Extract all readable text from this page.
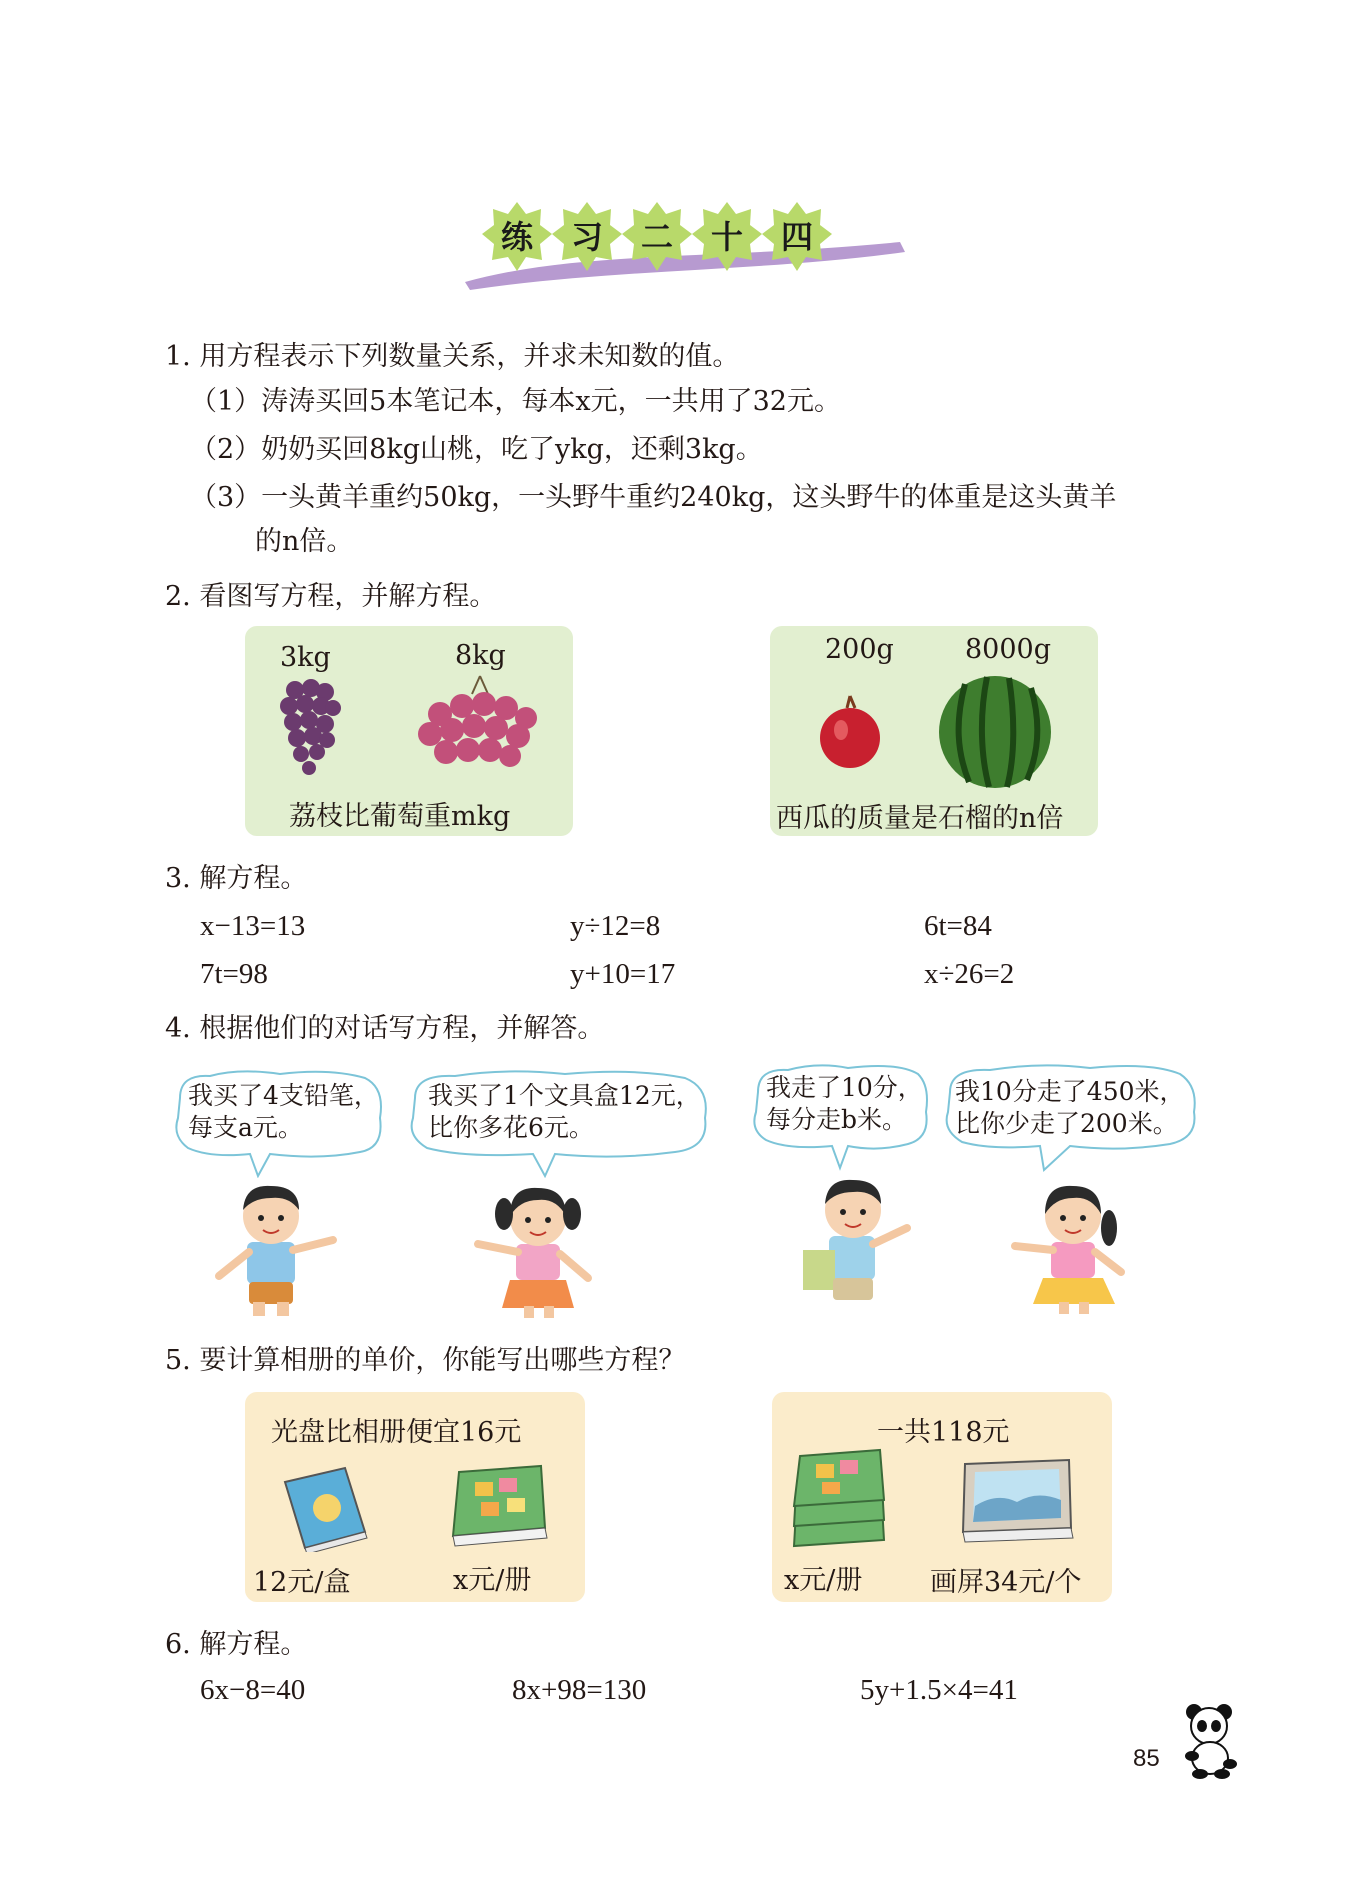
练	习	二	十	四
1. 用方程表示下列数量关系，并求未知数的值。
（1）涛涛买回5本笔记本，每本x元，一共用了32元。
（2）奶奶买回8kg山桃，吃了ykg，还剩3kg。
（3）一头黄羊重约50kg，一头野牛重约240kg，这头野牛的体重是这头黄羊
的n倍。
2. 看图写方程，并解方程。
3kg	8kg
荔枝比葡萄重mkg
200g	8000g
西瓜的质量是石榴的n倍
3. 解方程。
x−13=13	y÷12=8	6t=84
7t=98	y+10=17	x÷26=2
4. 根据他们的对话写方程，并解答。
我买了4支铅笔，
每支a元。
我买了1个文具盒12元，
比你多花6元。
我走了10分，
每分走b米。
我10分走了450米，
比你少走了200米。
5. 要计算相册的单价，你能写出哪些方程？
光盘比相册便宜16元
12元/盒	x元/册
一共118元
x元/册	画屏34元/个
6. 解方程。
6x−8=40	8x+98=130	5y+1.5×4=41
85
